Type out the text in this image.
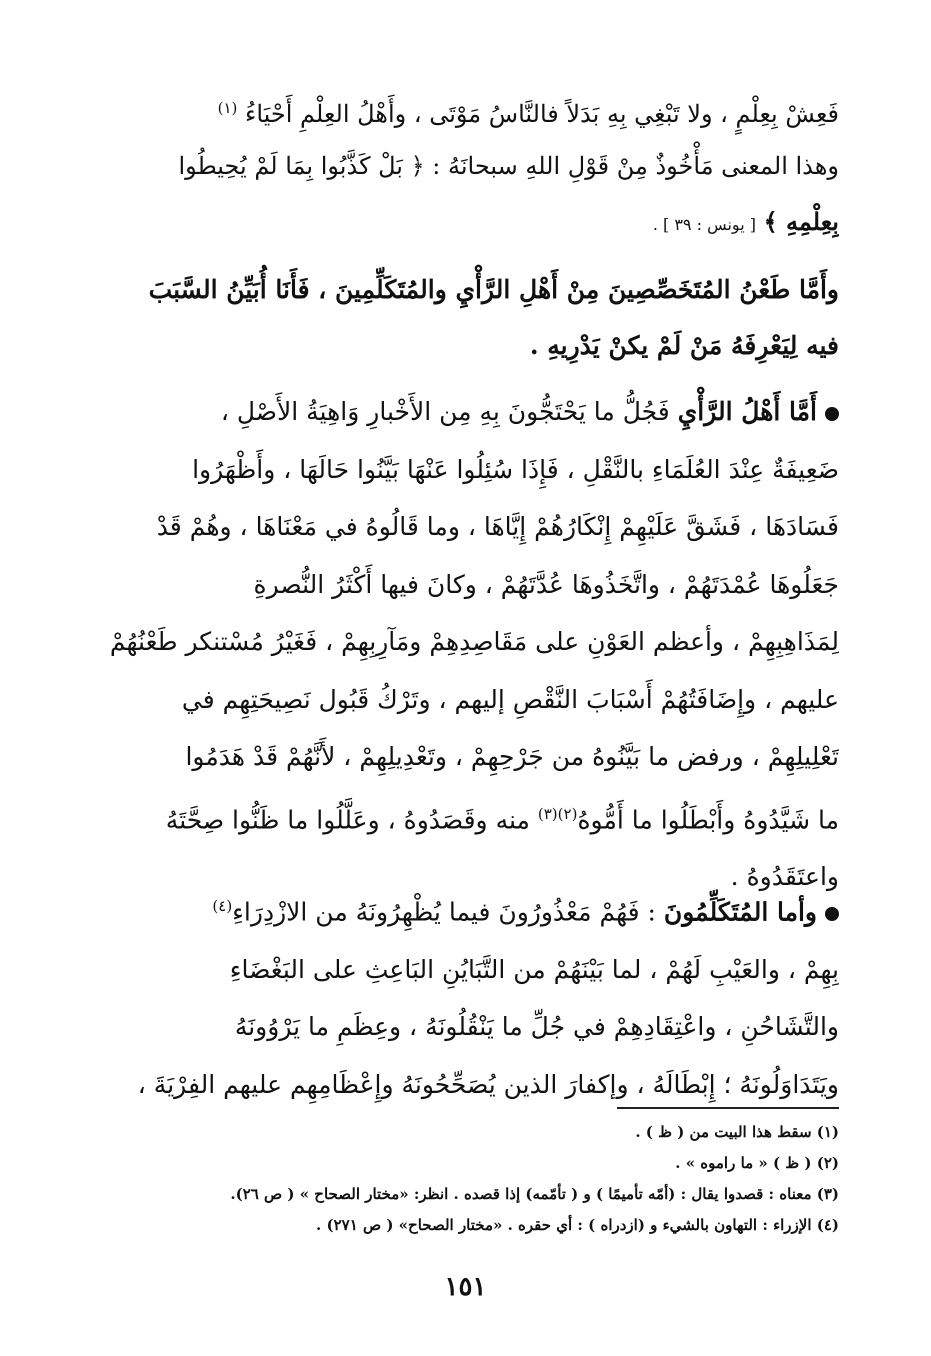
فَعِشْ بِعِلْمٍ ، ولا تَبْغِي بِهِ بَدَلاً فالنَّاسُ مَوْتَى ، وأَهْلُ العِلْمِ أَحْيَاءُ $^{(١)}$
وهذا المعنى مَأْخُوذٌ مِنْ قَوْلِ اللهِ سبحانَهُ : ﴿ بَلْ كَذَّبُوا بِمَا لَمْ يُحِيطُوا
بِعِلْمِهِ ﴾ [ يونس : ٣٩ ] .
وأَمَّا طَعْنُ المُتَخَصِّصِينَ مِنْ أَهْلِ الرَّأْيِ والمُتَكَلِّمِينَ ، فَأَنَا أُبَيِّنُ السَّبَبَ
فيه لِيَعْرِفَهُ مَنْ لَمْ يكنْ يَدْرِيهِ .
أَمَّا أَهْلُ الرَّأْيِ فَجُلُّ ما يَحْتَجُّونَ بِهِ مِن الأَخْبارِ وَاهِيَةُ الأَصْلِ ،
ضَعِيفَةٌ عِنْدَ العُلَمَاءِ بالنَّقْلِ ، فَإِذَا سُئِلُوا عَنْهَا بَيَّنُوا حَالَهَا ، وأَظْهَرُوا
فَسَادَهَا ، فَشَقَّ عَلَيْهِمْ إِنْكَارُهُمْ إِيَّاهَا ، وما قَالُوهُ في مَعْنَاهَا ، وهُمْ قَدْ
جَعَلُوهَا عُمْدَتَهُمْ ، واتَّخَذُوهَا عُدَّتَهُمْ ، وكانَ فيها أَكْثَرُ النُّصرةِ
لِمَذَاهِبِهِمْ ، وأعظم العَوْنِ على مَقَاصِدِهِمْ ومَآرِبِهِمْ ، فَغَيْرُ مُسْتنكر طَعْنُهُمْ
عليهم ، وإِضَافَتُهُمْ أَسْبَابَ النَّقْصِ إليهم ، وتَرْكُ قَبُول نَصِيحَتِهِم في
تَعْلِيلِهِمْ ، ورفض ما بَيَّنُوهُ من جَرْحِهِمْ ، وتَعْدِيلِهِمْ ، لأَنَّهُمْ قَدْ هَدَمُوا
ما شَيَّدُوهُ وأَبْطَلُوا ما أَمُّوهُ$^{(٢)(٣)}$ منه وقَصَدُوهُ ، وعَلَّلُوا ما ظَنُّوا صِحَّتَهُ
واعتَقَدُوهُ .
وأما المُتَكَلِّمُونَ : فَهُمْ مَعْذُورُونَ فيما يُظْهِرُونَهُ من الازْدِرَاءِ$^{(٤)}$
بِهِمْ ، والعَيْبِ لَهُمْ ، لما بَيْنَهُمْ من التَّبَايُنِ البَاعِثِ على البَغْضَاءِ
والتَّشَاحُنِ ، واعْتِقَادِهِمْ في جُلِّ ما يَنْقُلُونَهُ ، وعِظَمِ ما يَرْوُونَهُ
ويَتَدَاوَلُونَهُ ؛ إِبْطَالَهُ ، وإكفارَ الذين يُصَحِّحُونَهُ وإِعْظَامِهِم عليهم الفِرْيَةَ ،
(١) سقط هذا البيت من ( ظ ) .
(٢) ( ظ ) « ما راموه » .
(٣) معناه : قصدوا يقال : (أمّه تأميمًا ) و ( تأمّمه) إذا قصده . انظر: «مختار الصحاح » ( ص ٢٦).
(٤) الإزراء : التهاون بالشيء و (ازدراه ) : أي حقره . «مختار الصحاح» ( ص ٢٧١) .
١٥١
